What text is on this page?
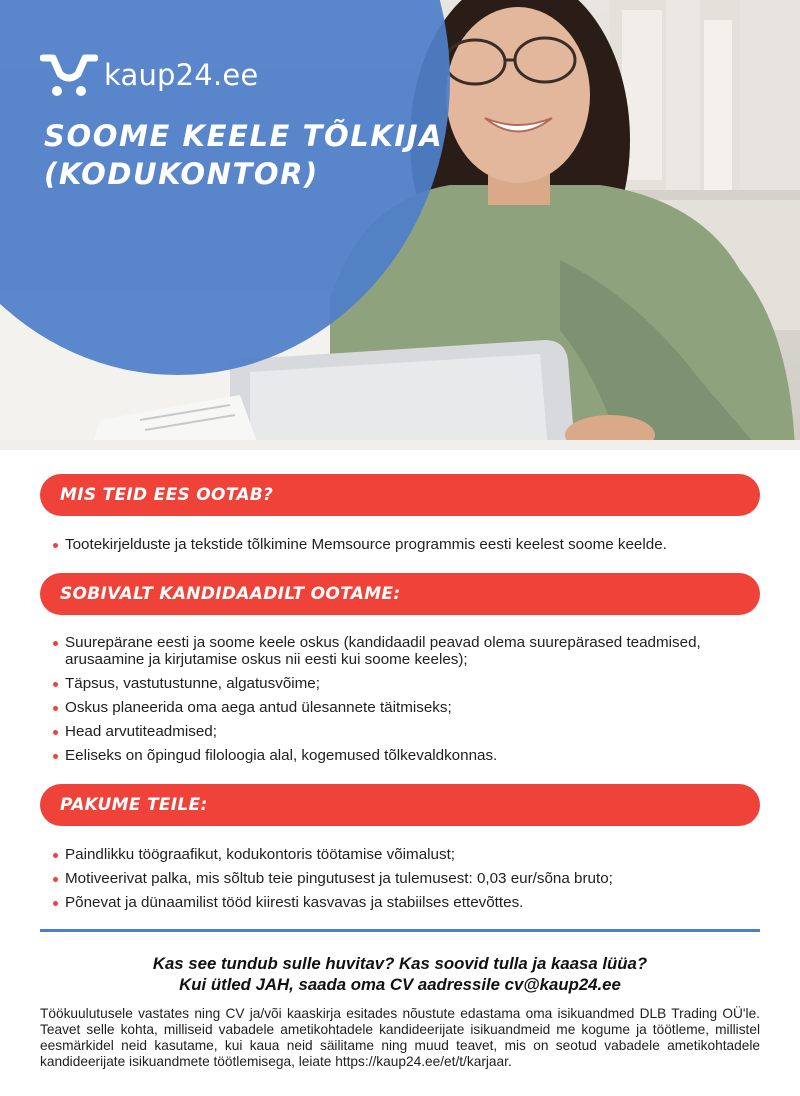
kaup24.ee
SOOME KEELE TÕLKIJA
(KODUKONTOR)
MIS TEID EES OOTAB?
Tootekirjelduste ja tekstide tõlkimine Memsource programmis eesti keelest soome keelde.
SOBIVALT KANDIDAADILT OOTAME:
Suurepärane eesti ja soome keele oskus (kandidaadil peavad olema suurepärased teadmised, arusaamine ja kirjutamise oskus nii eesti kui soome keeles);
Täpsus, vastutustunne, algatusvõime;
Oskus planeerida oma aega antud ülesannete täitmiseks;
Head arvutiteadmised;
Eeliseks on õpingud filoloogia alal, kogemused tõlkevaldkonnas.
PAKUME TEILE:
Paindlikku töögraafikut, kodukontoris töötamise võimalust;
Motiveerivat palka, mis sõltub teie pingutusest ja tulemusest: 0,03 eur/sõna bruto;
Põnevat ja dünaamilist tööd kiiresti kasvavas ja stabiilses ettevõttes.
Kas see tundub sulle huvitav? Kas soovid tulla ja kaasa lüüa?
Kui ütled JAH, saada oma CV aadressile cv@kaup24.ee
Töökuulutusele vastates ning CV ja/või kaaskirja esitades nõustute edastama oma isikuandmed DLB Trading OÜ'le. Teavet selle kohta, milliseid vabadele ametikohtadele kandideerijate isikuandmeid me kogume ja töötleme, millistel eesmärkidel neid kasutame, kui kaua neid säilitame ning muud teavet, mis on seotud vabadele ametikohtadele kandideerijate isikuandmete töötlemisega, leiate https://kaup24.ee/et/t/karjaar.
